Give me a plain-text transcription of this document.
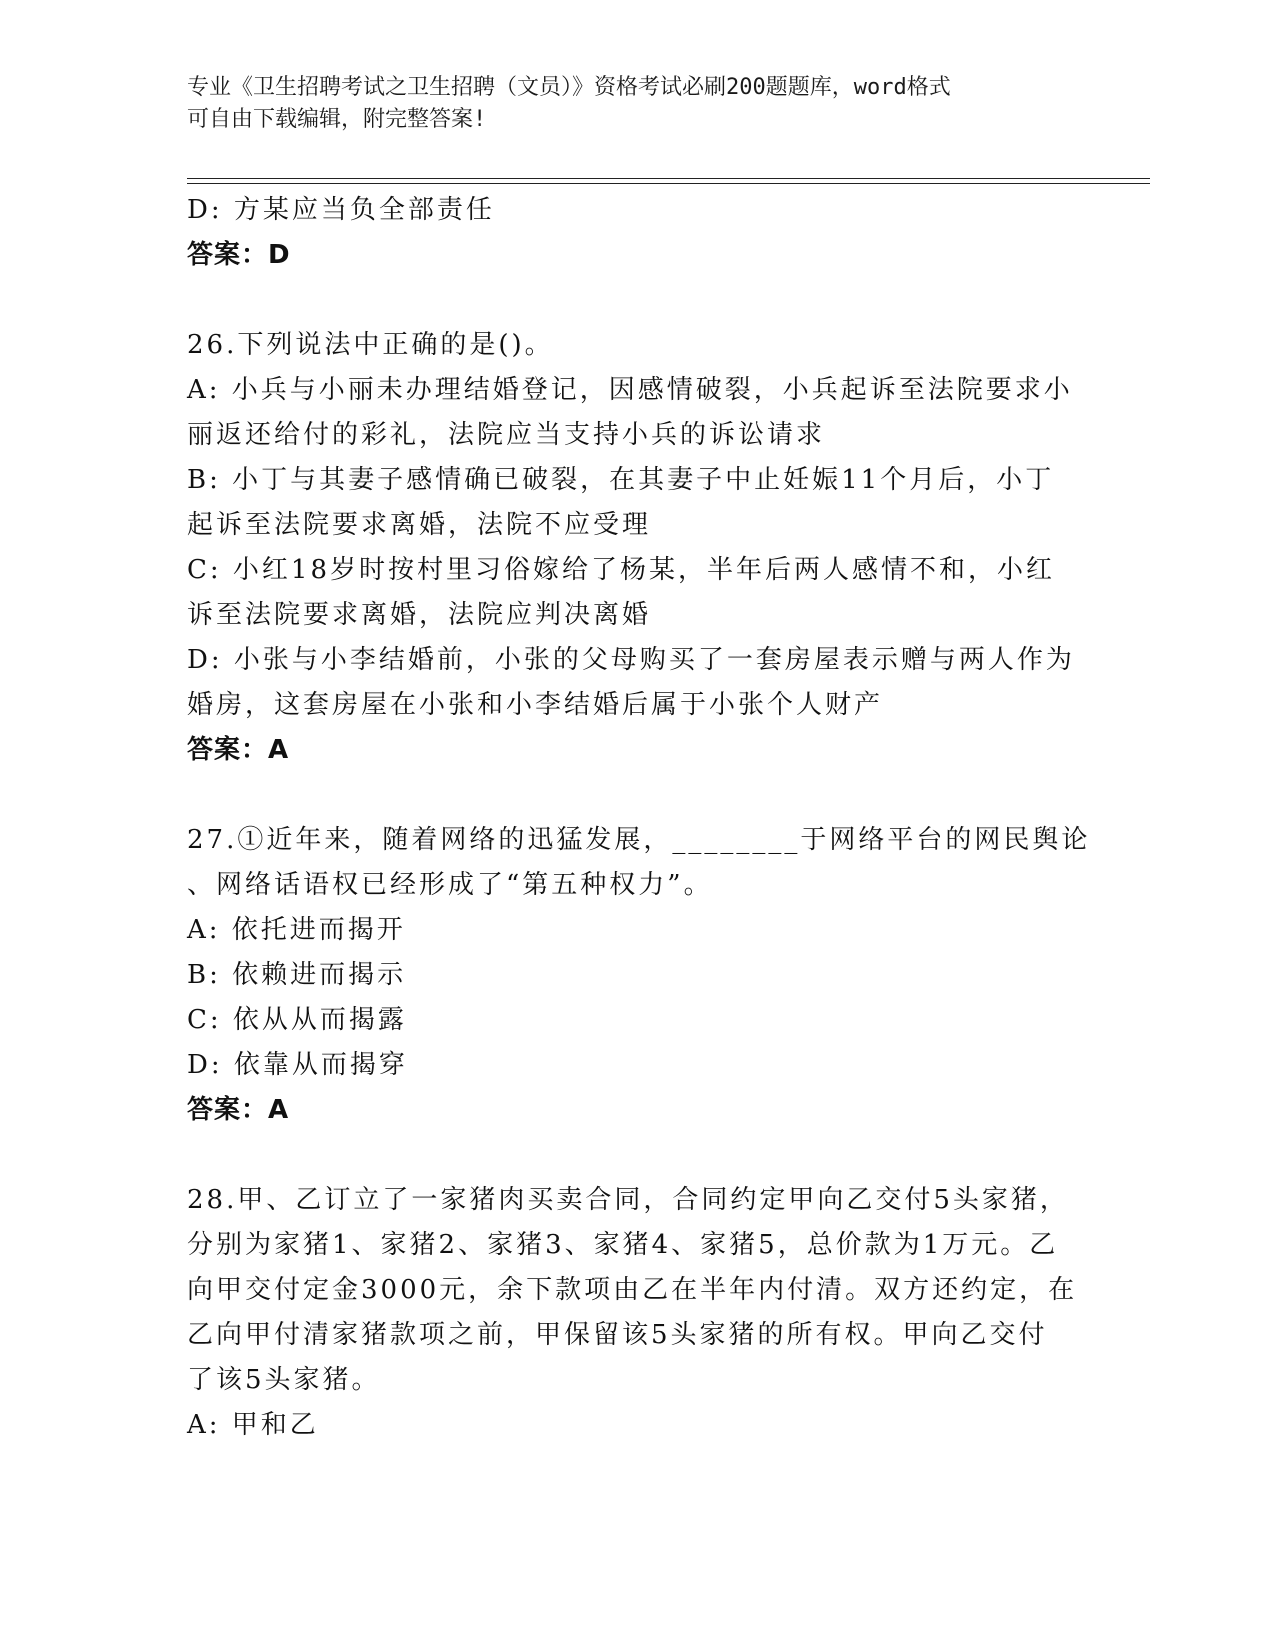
专业《卫生招聘考试之卫生招聘（文员）》资格考试必刷200题题库，word格式
可自由下载编辑，附完整答案!
D: 方某应当负全部责任
答案：D
26.下列说法中正确的是()。
A: 小兵与小丽未办理结婚登记，因感情破裂，小兵起诉至法院要求小
丽返还给付的彩礼，法院应当支持小兵的诉讼请求
B: 小丁与其妻子感情确已破裂，在其妻子中止妊娠11个月后，小丁
起诉至法院要求离婚，法院不应受理
C: 小红18岁时按村里习俗嫁给了杨某，半年后两人感情不和，小红
诉至法院要求离婚，法院应判决离婚
D: 小张与小李结婚前，小张的父母购买了一套房屋表示赠与两人作为
婚房，这套房屋在小张和小李结婚后属于小张个人财产
答案：A
27.①近年来，随着网络的迅猛发展，________于网络平台的网民舆论
、网络话语权已经形成了“第五种权力”。
A: 依托进而揭开
B: 依赖进而揭示
C: 依从从而揭露
D: 依靠从而揭穿
答案：A
28.甲、乙订立了一家猪肉买卖合同，合同约定甲向乙交付5头家猪，
分别为家猪1、家猪2、家猪3、家猪4、家猪5，总价款为1万元。乙
向甲交付定金3000元，余下款项由乙在半年内付清。双方还约定，在
乙向甲付清家猪款项之前，甲保留该5头家猪的所有权。甲向乙交付
了该5头家猪。
A: 甲和乙
